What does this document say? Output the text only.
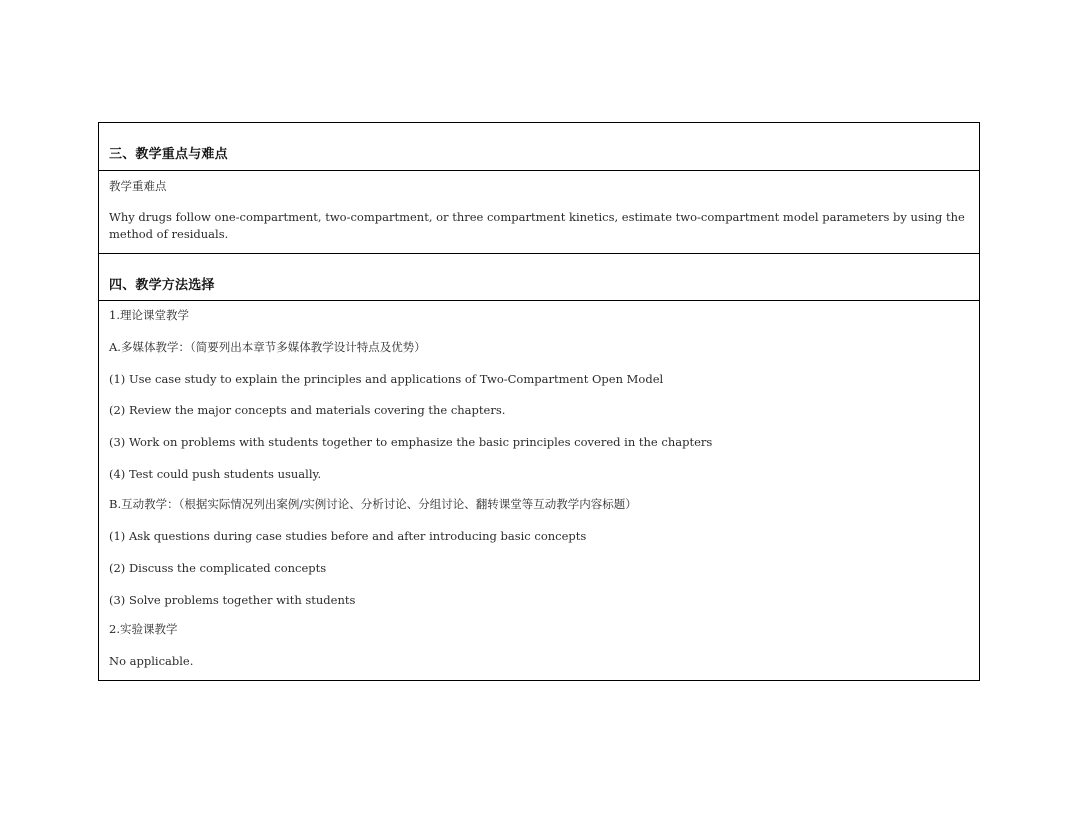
三、教学重点与难点
教学重难点
Why drugs follow one-compartment, two-compartment, or three compartment kinetics, estimate two-compartment model parameters by using the method of residuals.
四、教学方法选择
1.理论课堂教学
A.多媒体教学：（简要列出本章节多媒体教学设计特点及优势）
(1) Use case study to explain the principles and applications of Two-Compartment Open Model
(2) Review the major concepts and materials covering the chapters.
(3) Work on problems with students together to emphasize the basic principles covered in the chapters
(4) Test could push students usually.
B.互动教学：（根据实际情况列出案例/实例讨论、分析讨论、分组讨论、翻转课堂等互动教学内容标题）
(1) Ask questions during case studies before and after introducing basic concepts
(2) Discuss the complicated concepts
(3) Solve problems together with students
2.实验课教学
No applicable.
